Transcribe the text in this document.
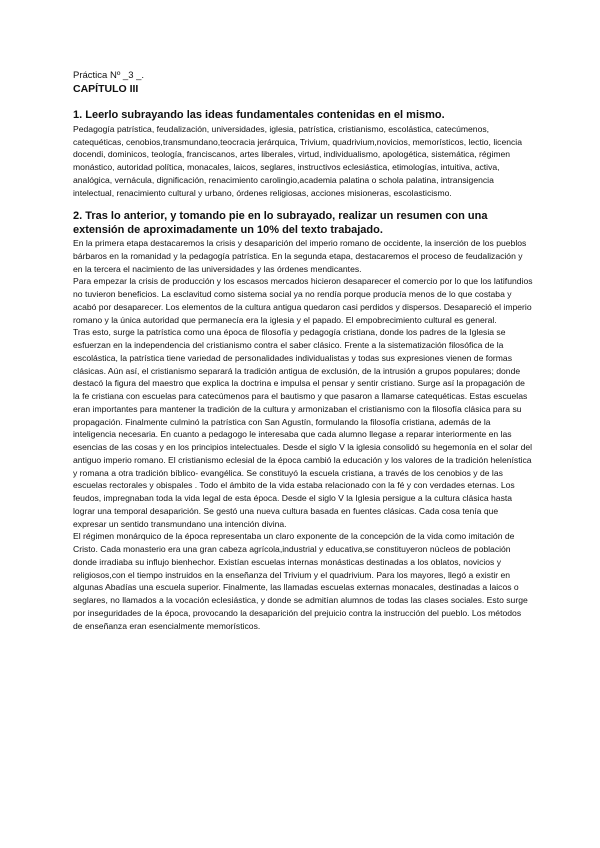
Práctica Nº _3 _.

CAPÍTULO III

1. Leerlo subrayando las ideas fundamentales contenidas en el mismo.

Pedagogía patrística, feudalización, universidades, iglesia, patrística, cristianismo, escolástica, catecúmenos, catequéticas, cenobios,transmundano,teocracia jerárquica, Trivium, quadrivium,novicios, memorísticos, lectio, licencia docendi, dominicos, teología, franciscanos, artes liberales, virtud, individualismo, apologética, sistemática, régimen monástico, autoridad política, monacales, laicos, seglares, instructivos eclesiástica, etimologías, intuitiva, activa, analógica, vernácula, dignificación, renacimiento carolingio,academia palatina o schola palatina, intransigencia intelectual, renacimiento cultural y urbano, órdenes religiosas, acciones misioneras, escolasticismo.

2. Tras lo anterior, y tomando pie en lo subrayado, realizar un resumen con una extensión de aproximadamente un 10% del texto trabajado.

En la primera etapa destacaremos la crisis y desaparición del imperio romano de occidente, la inserción de los pueblos bárbaros en la romanidad y la pedagogía patrística. En la segunda etapa, destacaremos el proceso de feudalización y en la tercera el nacimiento de las universidades y las órdenes mendicantes.

Para empezar la crisis de producción y los escasos mercados hicieron desaparecer el comercio por lo que los latifundios no tuvieron beneficios. La esclavitud como sistema social ya no rendía porque producía menos de lo que costaba y acabó por desaparecer. Los elementos de la cultura antigua quedaron casi perdidos y dispersos. Desapareció el imperio romano y la única autoridad que permanecía era la iglesia y el papado. El empobrecimiento cultural es general.

Tras esto, surge la patrística como una época de filosofía y pedagogía cristiana, donde los padres de la Iglesia se esfuerzan en la independencia del cristianismo contra el saber clásico. Frente a la sistematización filosófica de la escolástica, la patrística tiene variedad de personalidades individualistas y todas sus expresiones vienen de formas clásicas. Aún así, el cristianismo separará la tradición antigua de exclusión, de la intrusión a grupos populares; donde destacó la figura del maestro que explica la doctrina e impulsa el pensar y sentir cristiano. Surge así la propagación de la fe cristiana con escuelas para catecúmenos para el bautismo y que pasaron a llamarse catequéticas. Estas escuelas eran importantes para mantener la tradición de la cultura y armonizaban el cristianismo con la filosofía clásica para su propagación. Finalmente culminó la patrística con San Agustín, formulando la filosofía cristiana, además de la inteligencia necesaria. En cuanto a pedagogo le interesaba que cada alumno llegase a reparar interiormente en las esencias de las cosas y en los principios intelectuales. Desde el siglo V la iglesia consolidó su hegemonía en el solar del antiguo imperio romano. El cristianismo eclesial de la época cambió la educación y los valores de la tradición helenística y romana a otra tradición bíblico- evangélica. Se constituyó la escuela cristiana, a través de los cenobios y de las escuelas rectorales y obispales . Todo el ámbito de la vida estaba relacionado con la fé y con verdades eternas. Los feudos, impregnaban toda la vida legal de esta época. Desde el siglo V la Iglesia persigue a la cultura clásica hasta lograr una temporal desaparición. Se gestó una nueva cultura basada en fuentes clásicas. Cada cosa tenía que expresar un sentido transmundano una intención divina.

El régimen monárquico de la época representaba un claro exponente de la concepción de la vida como imitación de Cristo. Cada monasterio era una gran cabeza agrícola,industrial y educativa,se constituyeron núcleos de población donde irradiaba su influjo bienhechor. Existían escuelas internas monásticas destinadas a los oblatos, novicios y religiosos,con el tiempo instruidos en la enseñanza del Trivium y el quadrivium. Para los mayores, llegó a existir en algunas Abadías una escuela superior. Finalmente, las llamadas escuelas externas monacales, destinadas a laicos o seglares, no llamados a la vocación eclesiástica, y donde se admitían alumnos de todas las clases sociales. Esto surge por inseguridades de la época, provocando la desaparición del prejuicio contra la instrucción del pueblo. Los métodos de enseñanza eran esencialmente memorísticos.
